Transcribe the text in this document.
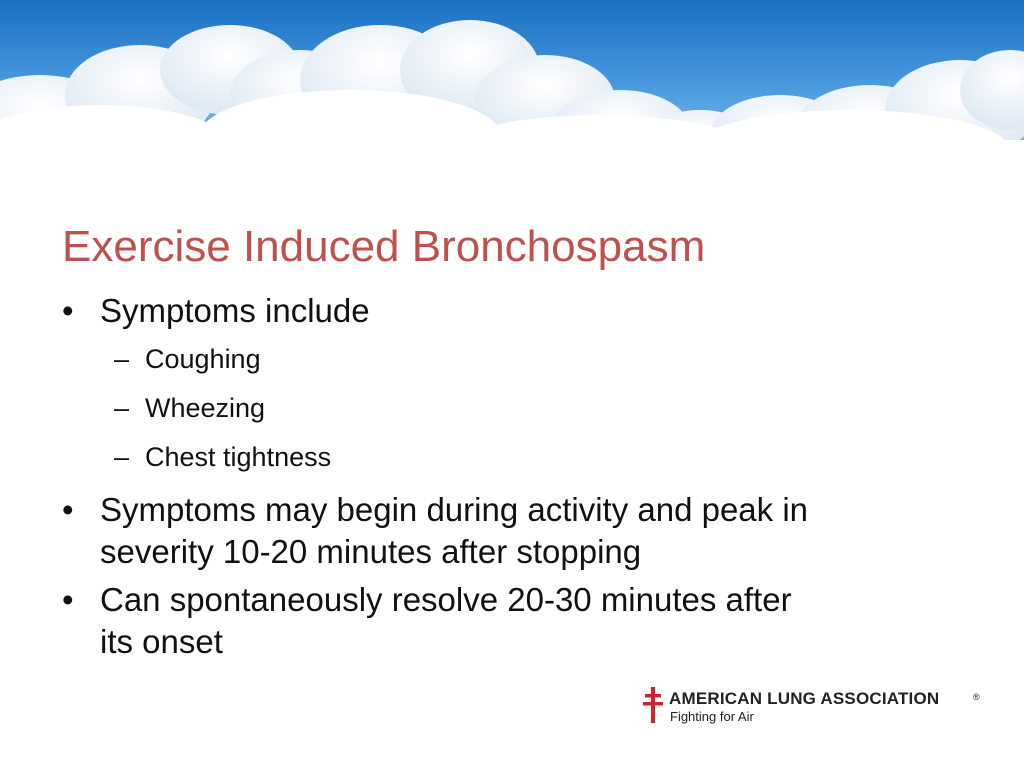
Exercise Induced Bronchospasm
• Symptoms include
– Coughing
– Wheezing
– Chest tightness
• Symptoms may begin during activity and peak in
severity 10-20 minutes after stopping
• Can spontaneously resolve 20-30 minutes after
its onset
AMERICAN LUNG ASSOCIATION	®
Fighting for Air
